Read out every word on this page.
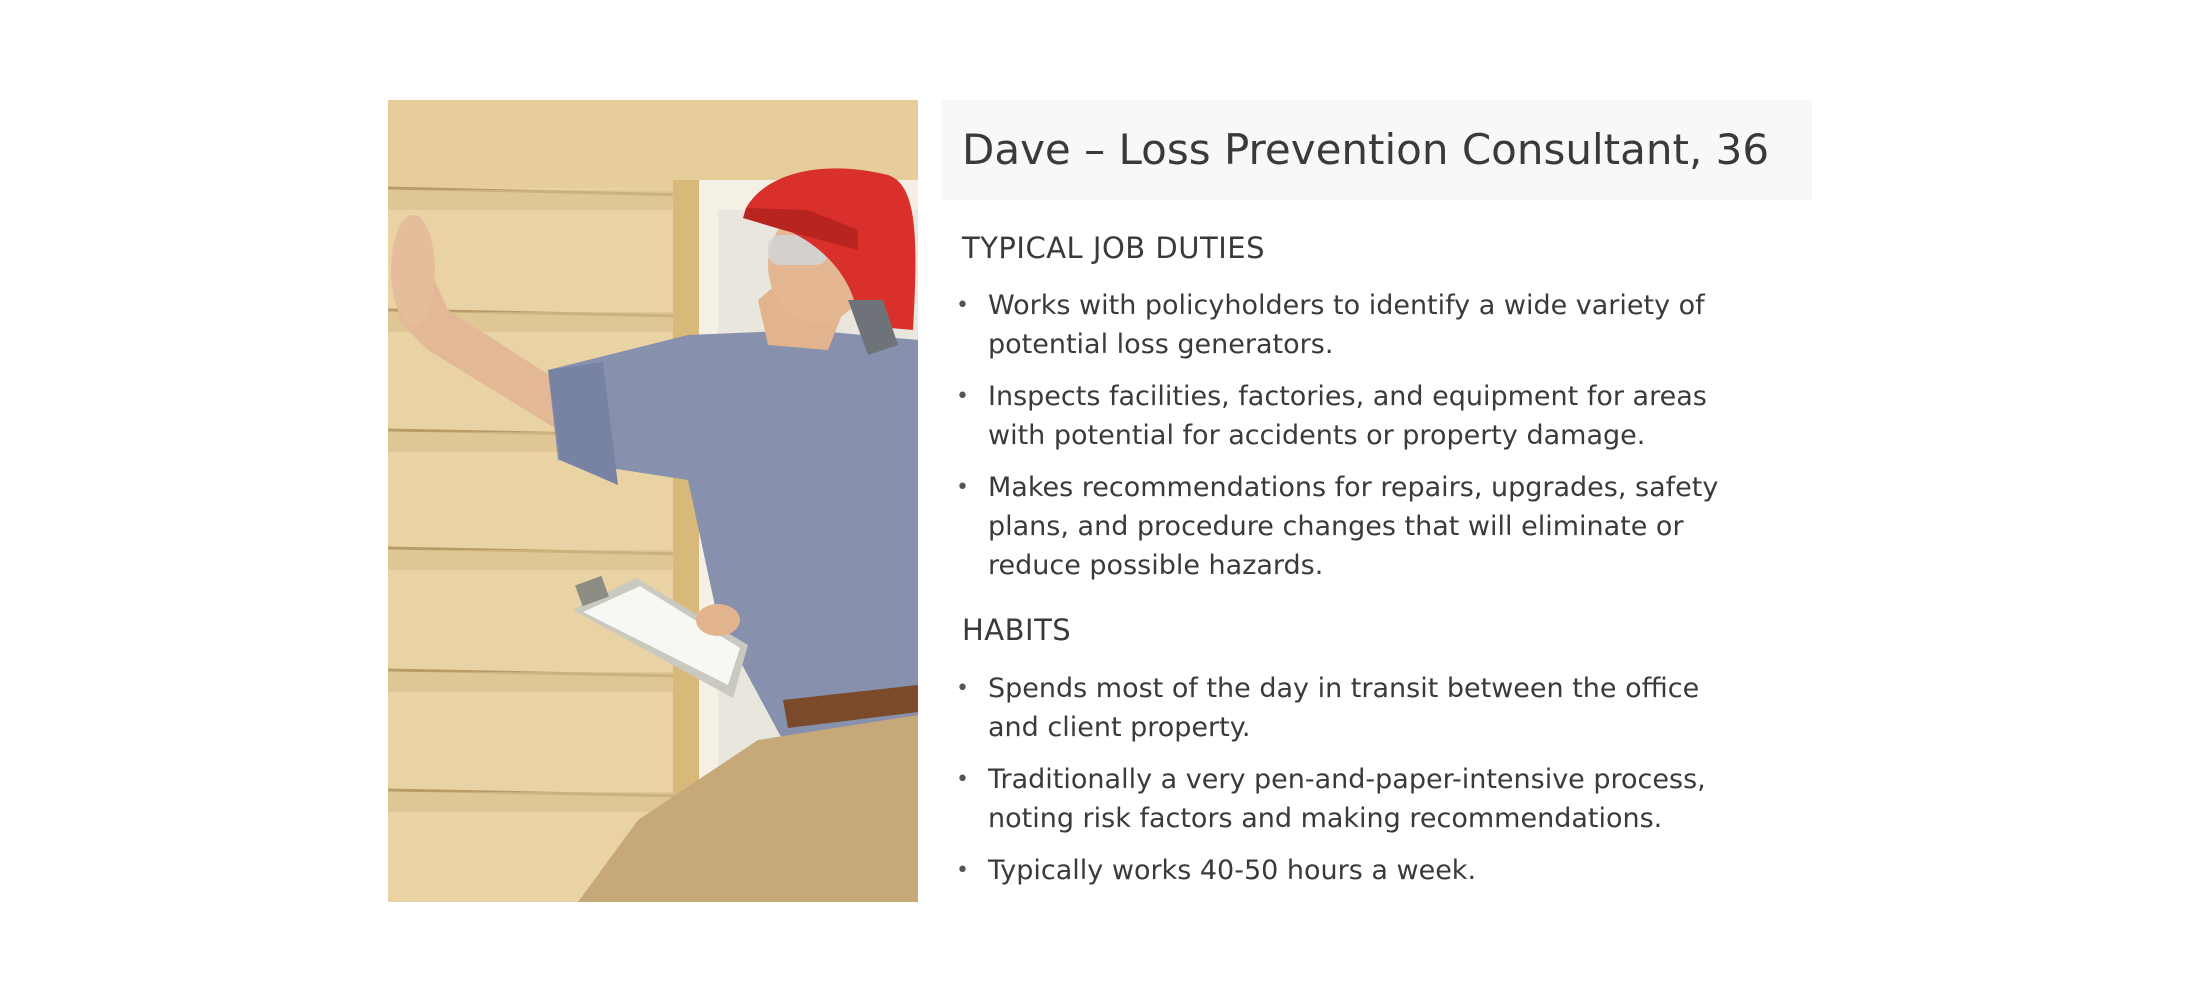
Dave – Loss Prevention Consultant, 36
TYPICAL JOB DUTIES
• Works with policyholders to identify a wide variety of potential loss generators.
• Inspects facilities, factories, and equipment for areas with potential for accidents or property damage.
• Makes recommendations for repairs, upgrades, safety plans, and procedure changes that will eliminate or reduce possible hazards.
HABITS
• Spends most of the day in transit between the office and client property.
• Traditionally a very pen-and-paper-intensive process, noting risk factors and making recommendations.
• Typically works 40-50 hours a week.
